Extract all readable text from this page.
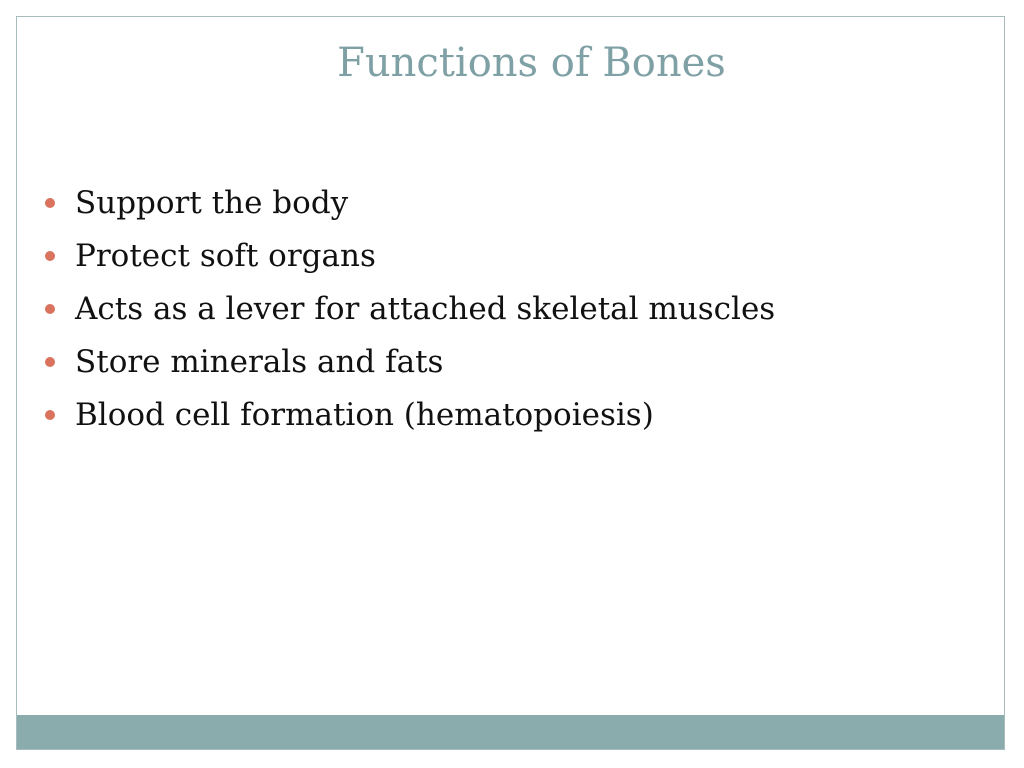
Functions of Bones
Support the body
Protect soft organs
Acts as a lever for attached skeletal muscles
Store minerals and fats
Blood cell formation (hematopoiesis)
